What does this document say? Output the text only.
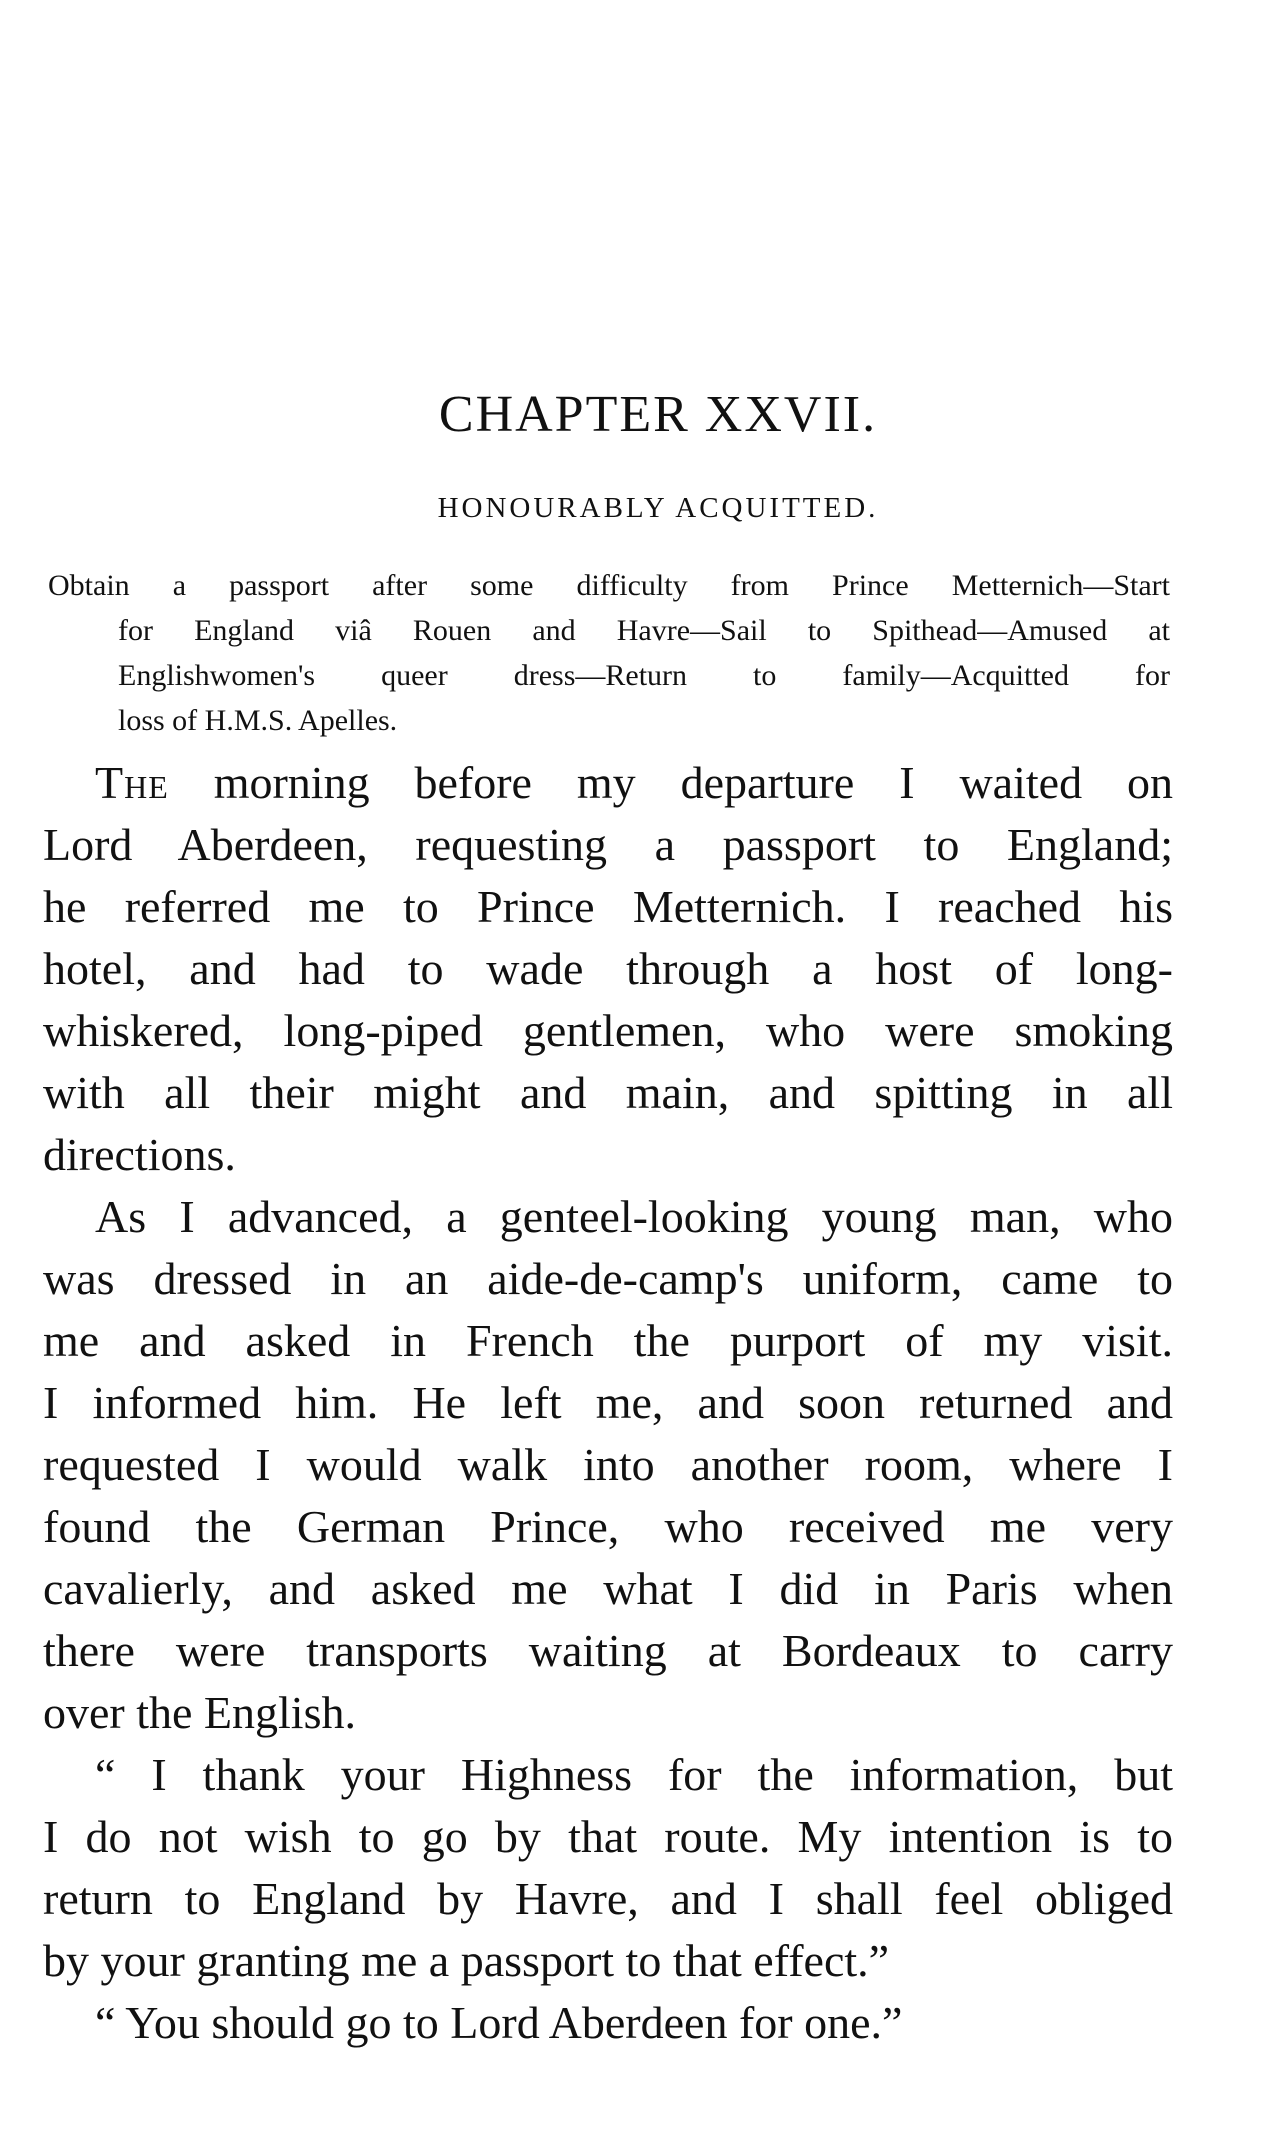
CHAPTER XXVII.
HONOURABLY ACQUITTED.
Obtain a passport after some difficulty from Prince Metternich—Start
for England viâ Rouen and Havre—Sail to Spithead—Amused at
Englishwomen's queer dress—Return to family—Acquitted for
loss of H.M.S. Apelles.
The morning before my departure I waited on
Lord Aberdeen, requesting a passport to England;
he referred me to Prince Metternich. I reached his
hotel, and had to wade through a host of long-
whiskered, long-piped gentlemen, who were smoking
with all their might and main, and spitting in all
directions.
As I advanced, a genteel-looking young man, who
was dressed in an aide-de-camp's uniform, came to
me and asked in French the purport of my visit.
I informed him. He left me, and soon returned and
requested I would walk into another room, where I
found the German Prince, who received me very
cavalierly, and asked me what I did in Paris when
there were transports waiting at Bordeaux to carry
over the English.
“ I thank your Highness for the information, but
I do not wish to go by that route. My intention is to
return to England by Havre, and I shall feel obliged
by your granting me a passport to that effect.”
“ You should go to Lord Aberdeen for one.”
